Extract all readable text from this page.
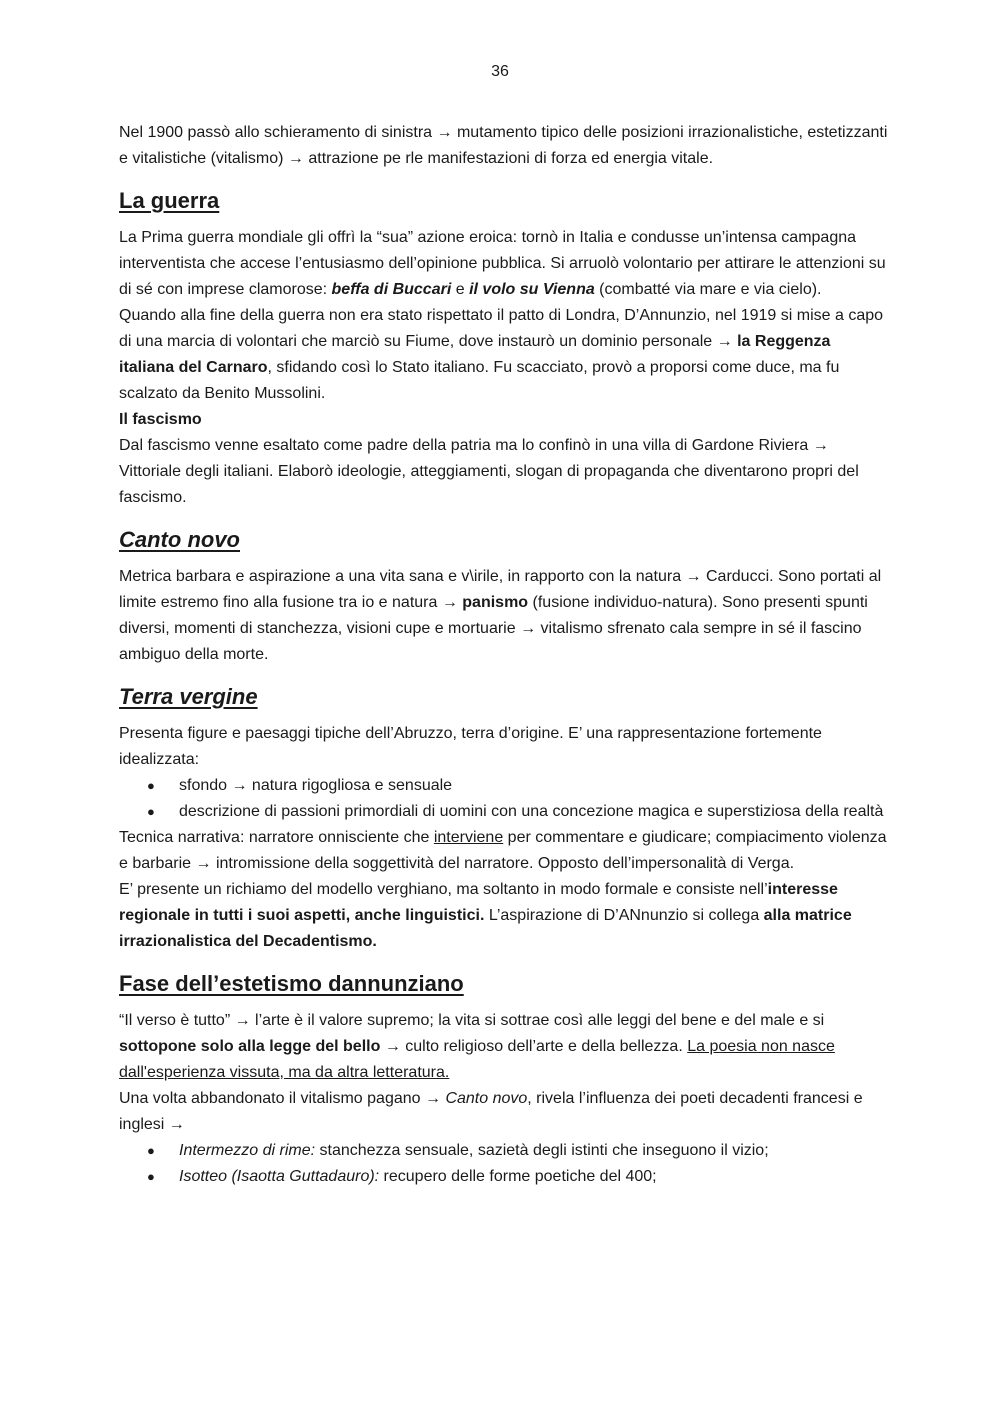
36

Nel 1900 passò allo schieramento di sinistra → mutamento tipico delle posizioni irrazionalistiche, estetizzanti e vitalistiche (vitalismo) → attrazione pe rle manifestazioni di forza ed energia vitale.

La guerra

La Prima guerra mondiale gli offrì la “sua” azione eroica: tornò in Italia e condusse un’intensa campagna interventista che accese l’entusiasmo dell’opinione pubblica. Si arruolò volontario per attirare le attenzioni su di sé con imprese clamorose: beffa di Buccari e il volo su Vienna (combatté via mare e via cielo).

Quando alla fine della guerra non era stato rispettato il patto di Londra, D’Annunzio, nel 1919 si mise a capo di una marcia di volontari che marciò su Fiume, dove instaurò un dominio personale → la Reggenza italiana del Carnaro, sfidando così lo Stato italiano. Fu scacciato, provò a proporsi come duce, ma fu scalzato da Benito Mussolini.

Il fascismo

Dal fascismo venne esaltato come padre della patria ma lo confinò in una villa di Gardone Riviera → Vittoriale degli italiani. Elaborò ideologie, atteggiamenti, slogan di propaganda che diventarono propri del fascismo.

Canto novo

Metrica barbara e aspirazione a una vita sana e v\irile, in rapporto con la natura → Carducci. Sono portati al limite estremo fino alla fusione tra io e natura → panismo (fusione individuo-natura). Sono presenti spunti diversi, momenti di stanchezza, visioni cupe e mortuarie → vitalismo sfrenato cala sempre in sé il fascino ambiguo della morte.

Terra vergine

Presenta figure e paesaggi tipiche dell’Abruzzo, terra d’origine. E’ una rappresentazione fortemente idealizzata:

● sfondo → natura rigogliosa e sensuale
● descrizione di passioni primordiali di uomini con una concezione magica e superstiziosa della realtà

Tecnica narrativa: narratore onnisciente che interviene per commentare e giudicare; compiacimento violenza e barbarie → intromissione della soggettività del narratore. Opposto dell’impersonalità di Verga.

E’ presente un richiamo del modello verghiano, ma soltanto in modo formale e consiste nell’interesse regionale in tutti i suoi aspetti, anche linguistici. L’aspirazione di D’ANnunzio si collega alla matrice irrazionalistica del Decadentismo.

Fase dell’estetismo dannunziano

“Il verso è tutto” → l’arte è il valore supremo; la vita si sottrae così alle leggi del bene e del male e si sottopone solo alla legge del bello → culto religioso dell’arte e della bellezza. La poesia non nasce dall'esperienza vissuta, ma da altra letteratura.

Una volta abbandonato il vitalismo pagano → Canto novo, rivela l’influenza dei poeti decadenti francesi e inglesi →

● Intermezzo di rime: stanchezza sensuale, sazietà degli istinti che inseguono il vizio;
● Isotteo (Isaotta Guttadauro): recupero delle forme poetiche del 400;
